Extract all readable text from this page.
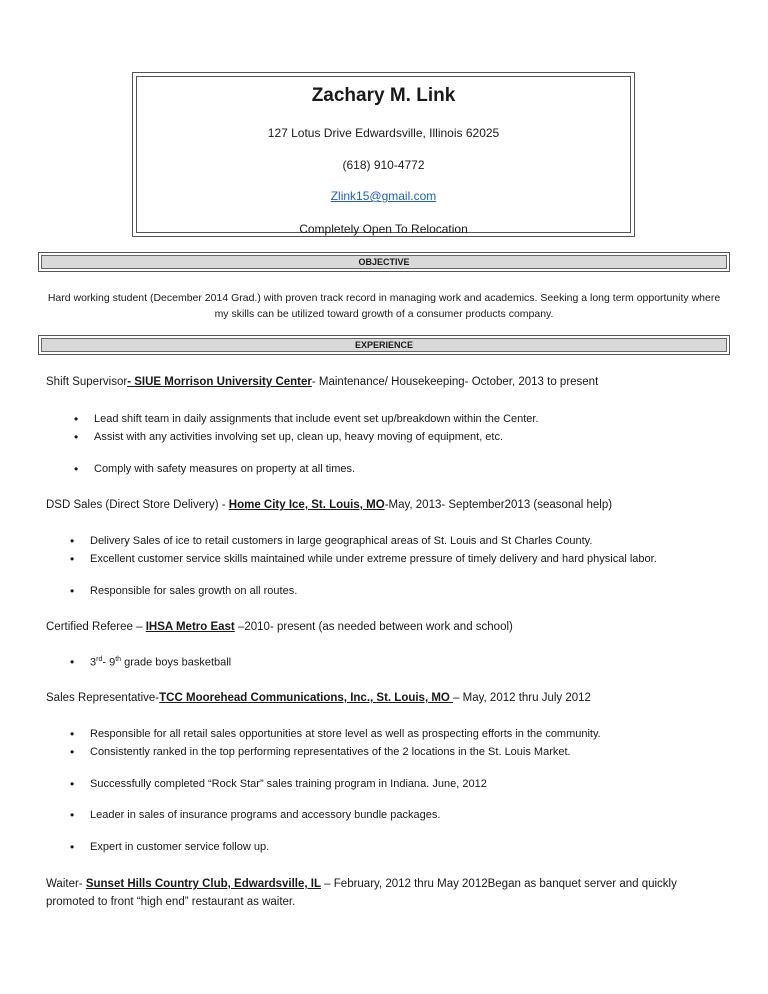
Zachary M. Link
127 Lotus Drive Edwardsville, Illinois 62025
(618) 910-4772
Zlink15@gmail.com
Completely Open To Relocation
OBJECTIVE
Hard working student (December 2014 Grad.) with proven track record in managing work and academics. Seeking a long term opportunity where my skills can be utilized toward growth of a consumer products company.
EXPERIENCE
Shift Supervisor- SIUE Morrison University Center- Maintenance/ Housekeeping- October, 2013 to present
• Lead shift team in daily assignments that include event set up/breakdown within the Center.
• Assist with any activities involving set up, clean up, heavy moving of equipment, etc.
• Comply with safety measures on property at all times.
DSD Sales (Direct Store Delivery) - Home City Ice, St. Louis, MO-May, 2013- September2013 (seasonal help)
• Delivery Sales of ice to retail customers in large geographical areas of St. Louis and St Charles County.
• Excellent customer service skills maintained while under extreme pressure of timely delivery and hard physical labor.
• Responsible for sales growth on all routes.
Certified Referee – IHSA Metro East –2010- present (as needed between work and school)
• 3rd- 9th grade boys basketball
Sales Representative-TCC Moorehead Communications, Inc., St. Louis, MO – May, 2012 thru July 2012
• Responsible for all retail sales opportunities at store level as well as prospecting efforts in the community.
• Consistently ranked in the top performing representatives of the 2 locations in the St. Louis Market.
• Successfully completed “Rock Star” sales training program in Indiana. June, 2012
• Leader in sales of insurance programs and accessory bundle packages.
• Expert in customer service follow up.
Waiter- Sunset Hills Country Club, Edwardsville, IL – February, 2012 thru May 2012Began as banquet server and quickly promoted to front “high end” restaurant as waiter.
